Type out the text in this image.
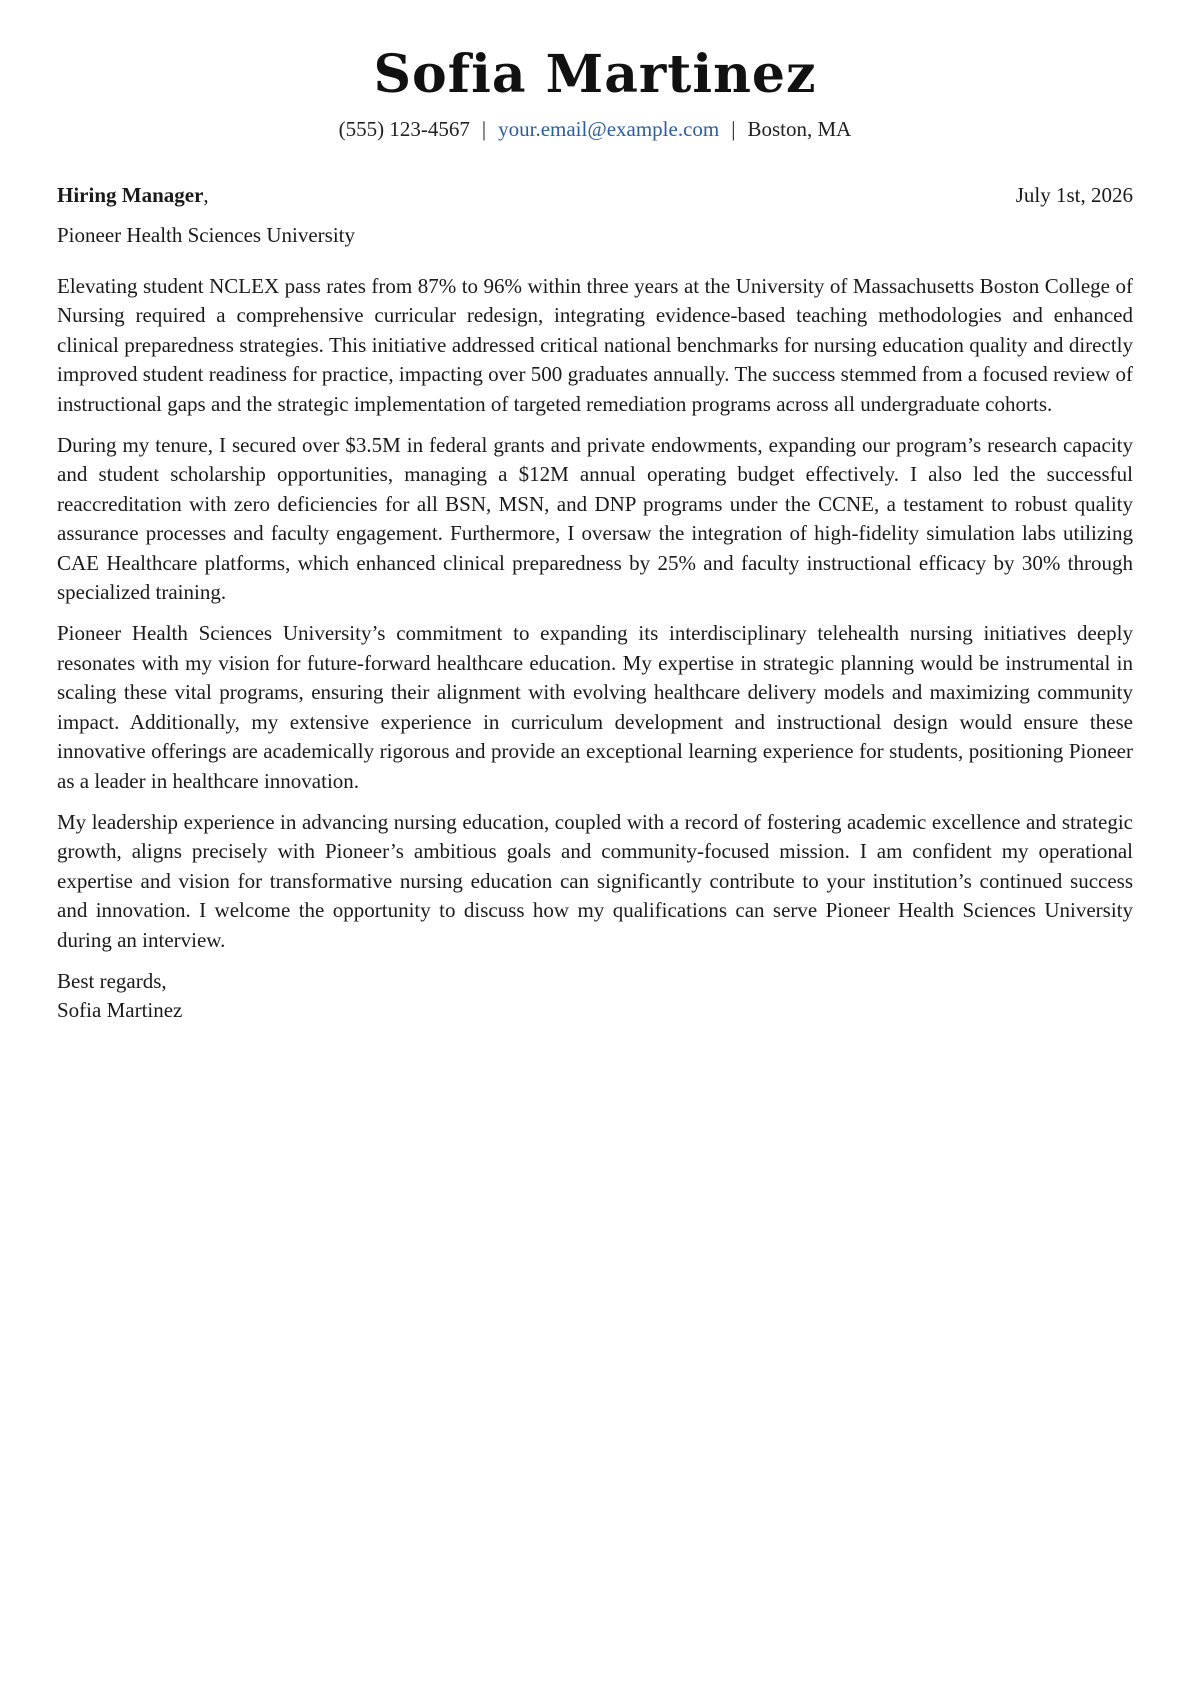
Sofia Martinez
(555) 123-4567 | your.email@example.com | Boston, MA
Hiring Manager,	July 1st, 2026
Pioneer Health Sciences University

Elevating student NCLEX pass rates from 87% to 96% within three years at the University of Massachusetts Boston College of Nursing required a comprehensive curricular redesign, integrating evidence-based teaching methodologies and enhanced clinical preparedness strategies. This initiative addressed critical national benchmarks for nursing education quality and directly improved student readiness for practice, impacting over 500 graduates annually. The success stemmed from a focused review of instructional gaps and the strategic implementation of targeted remediation programs across all undergraduate cohorts.

During my tenure, I secured over $3.5M in federal grants and private endowments, expanding our program’s research capacity and student scholarship opportunities, managing a $12M annual operating budget effectively. I also led the successful reaccreditation with zero deficiencies for all BSN, MSN, and DNP programs under the CCNE, a testament to robust quality assurance processes and faculty engagement. Furthermore, I oversaw the integration of high-fidelity simulation labs utilizing CAE Healthcare platforms, which enhanced clinical preparedness by 25% and faculty instructional efficacy by 30% through specialized training.

Pioneer Health Sciences University’s commitment to expanding its interdisciplinary telehealth nursing initiatives deeply resonates with my vision for future-forward healthcare education. My expertise in strategic planning would be instrumental in scaling these vital programs, ensuring their alignment with evolving healthcare delivery models and maximizing community impact. Additionally, my extensive experience in curriculum development and instructional design would ensure these innovative offerings are academically rigorous and provide an exceptional learning experience for students, positioning Pioneer as a leader in healthcare innovation.

My leadership experience in advancing nursing education, coupled with a record of fostering academic excellence and strategic growth, aligns precisely with Pioneer’s ambitious goals and community-focused mission. I am confident my operational expertise and vision for transformative nursing education can significantly contribute to your institution’s continued success and innovation. I welcome the opportunity to discuss how my qualifications can serve Pioneer Health Sciences University during an interview.

Best regards,
Sofia Martinez
